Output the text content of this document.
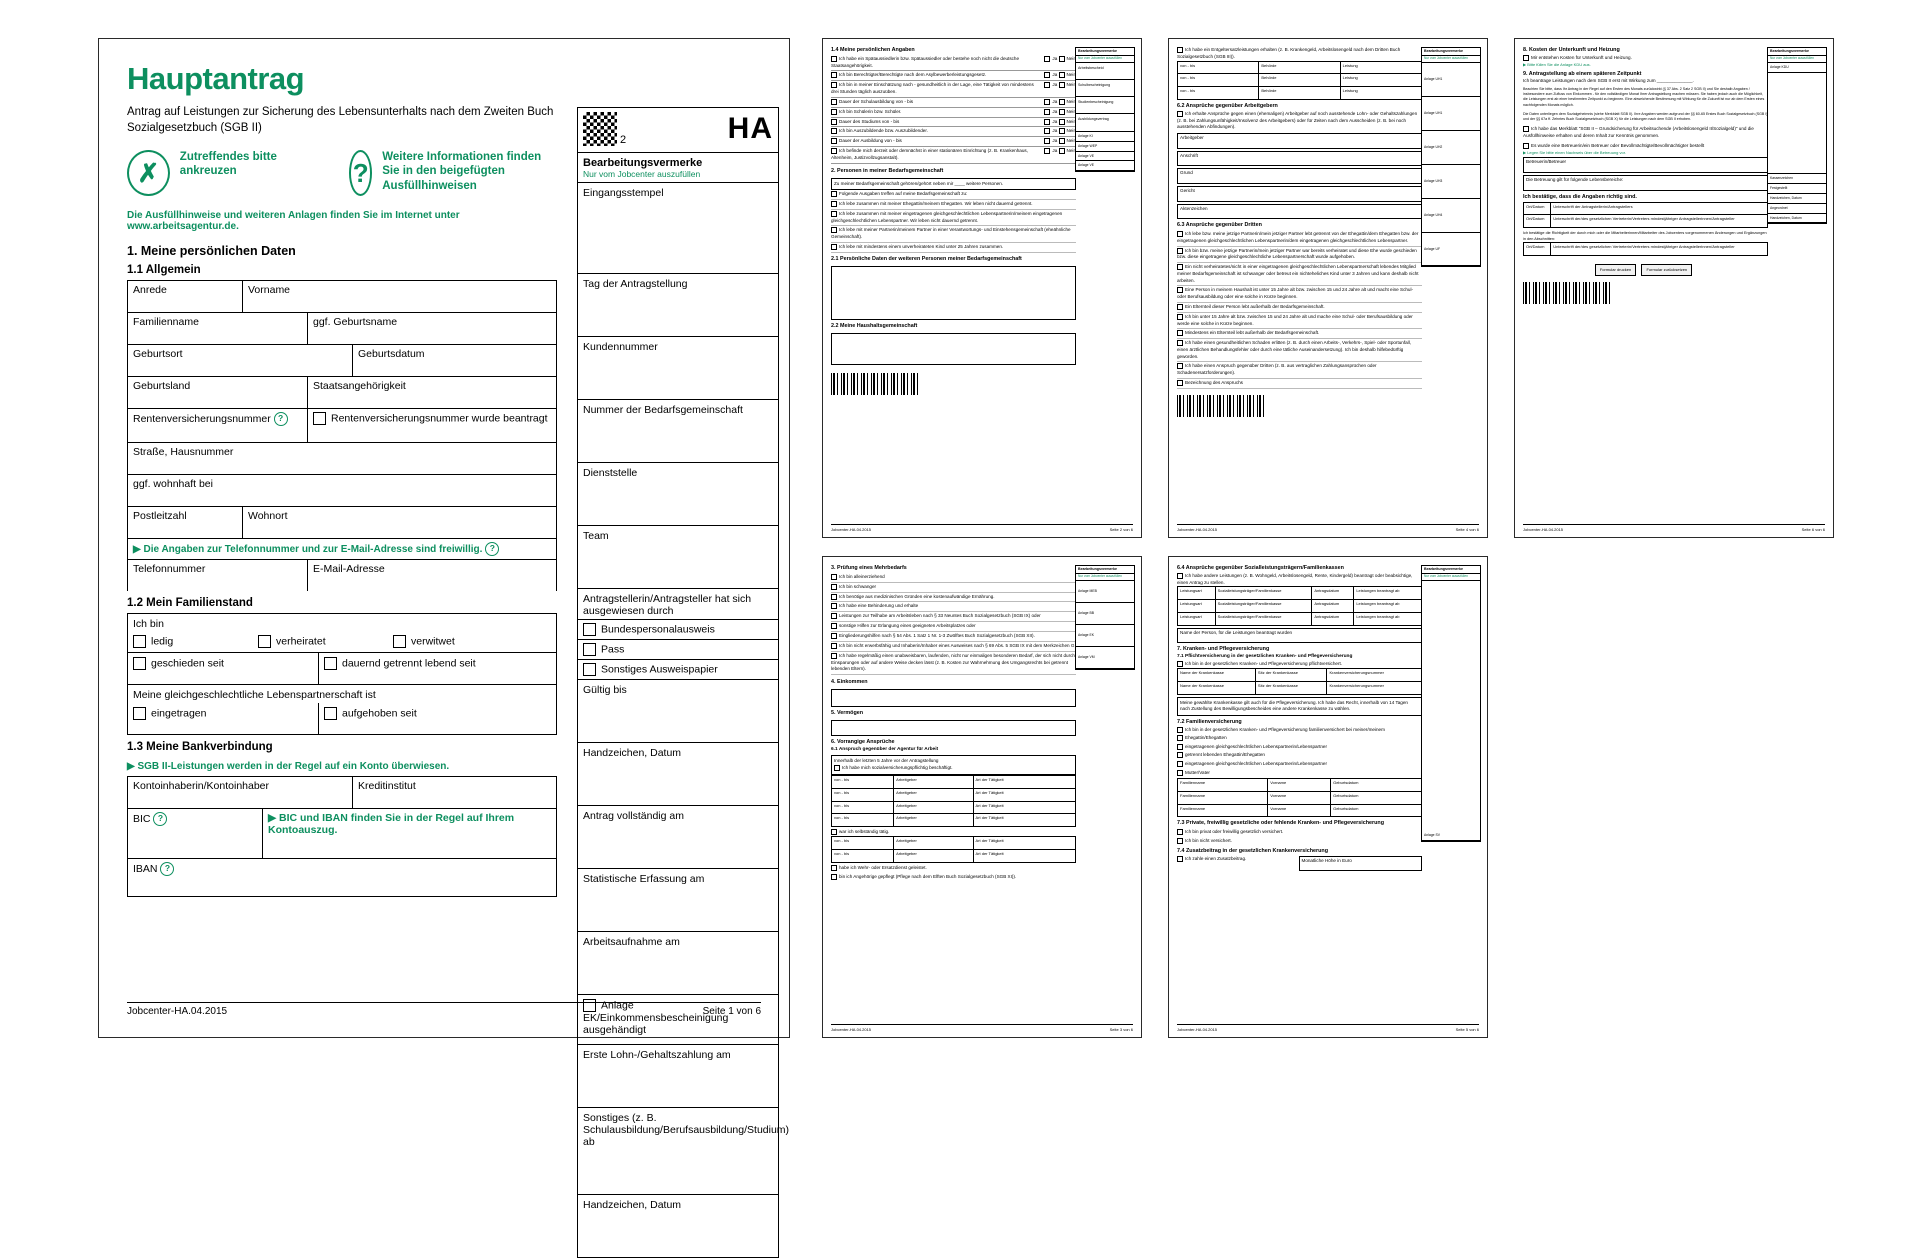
Hauptantrag
Antrag auf Leistungen zur Sicherung des Lebensunterhalts nach dem Zweiten Buch Sozialgesetzbuch (SGB II)
✗
Zutreffendes bitte ankreuzen	?
Weitere Informationen finden Sie in den beigefügten Ausfüllhinweisen
Die Ausfüllhinweise und weiteren Anlagen finden Sie im Internet unter www.arbeitsagentur.de.
1. Meine persönlichen Daten
1.1 Allgemein
Anrede	Vorname
Familienname	ggf. Geburtsname
Geburtsort	Geburtsdatum
Geburtsland	Staatsangehörigkeit
Rentenversicherungsnummer ?	Rentenversicherungsnummer wurde beantragt
Straße, Hausnummer
ggf. wohnhaft bei
Postleitzahl	Wohnort
▶ Die Angaben zur Telefonnummer und zur E-Mail-Adresse sind freiwillig. ?
Telefonnummer	E-Mail-Adresse
1.2 Mein Familienstand
Ich bin
ledig	verheiratet	verwitwet
geschieden seit	dauernd getrennt lebend seit
Meine gleichgeschlechtliche Lebenspartnerschaft ist
eingetragen	aufgehoben seit
1.3 Meine Bankverbindung
▶ SGB II-Leistungen werden in der Regel auf ein Konto überwiesen.
Kontoinhaberin/Kontoinhaber	Kreditinstitut
BIC ?	▶ BIC und IBAN finden Sie in der Regel auf Ihrem Kontoauszug.
IBAN ?
2	HA
Bearbeitungsvermerke
Nur vom Jobcenter auszufüllen
Eingangsstempel
Tag der Antragstellung
Kundennummer
Nummer der Bedarfsgemeinschaft
Dienststelle
Team
Antragstellerin/Antragsteller hat sich ausgewiesen durch
Bundespersonalausweis
Pass
Sonstiges Ausweispapier
Gültig bis
Handzeichen, Datum
Antrag vollständig am
Statistische Erfassung am
Arbeitsaufnahme am
Anlage EK/Einkommensbescheinigung ausgehändigt
Erste Lohn-/Gehaltszahlung am
Sonstiges (z. B. Schulausbildung/Berufsausbildung/Studium) ab
Handzeichen, Datum
Jobcenter-HA.04.2015	Seite 1 von 6
1.4 Meine persönlichen Angaben
Ich habe ein Spätaussiedlerin bzw. Spätaussiedler oder bestehe noch nicht die deutsche Staatsangehörigkeit.
Ja Nein
Ich bin Berechtigter/Berechtigte nach dem Asylbewerberleistungsgesetz.	Ja Nein
Ich bin in meiner Einschätzung nach - gesundheitlich in der Lage, eine Tätigkeit von mindestens drei Stunden täglich auszuüben.
Ja Nein
Dauer der Schulausbildung von - bis	Ja Nein
Ich bin Schülerin bzw. Schüler.	Ja Nein
Dauer des Studiums von - bis	Ja Nein
Ich bin Auszubildende bzw. Auszubildender.	Ja Nein
Dauer der Ausbildung von - bis	Ja Nein
Ich befinde mich derzeit oder demnächst in einer stationären Einrichtung (z. B. Krankenhaus, Altenheim, Justizvollzugsanstalt).
Ja Nein
2. Personen in meiner Bedarfsgemeinschaft
Zu meiner Bedarfsgemeinschaft gehören/gehört neben mir ____ weitere Personen.
Folgende Ausgaben treffen auf meine Bedarfsgemeinschaft zu:
Ich lebe zusammen mit meiner Ehegattin/meinem Ehegatten. Wir leben nicht dauernd getrennt.
Ich lebe zusammen mit meiner eingetragenen gleichgeschlechtlichen Lebenspartnerin/meinem eingetragenen gleichgeschlechtlichen Lebenspartner. Wir leben nicht dauernd getrennt.
Ich lebe mit meiner Partnerin/meinem Partner in einer Verantwortungs- und Einstehensgemeinschaft (eheähnliche Gemeinschaft).
Ich lebe mit mindestens einem unverheirateten Kind unter 25 Jahren zusammen.
2.1 Persönliche Daten der weiteren Personen meiner Bedarfsgemeinschaft
2.2 Meine Haushaltsgemeinschaft
Bearbeitungsvermerke
Nur vom Jobcenter auszufüllen
Arbeitsbescheid
Schulbescheinigung
Studienbescheinigung
Ausbildungsvertrag
Anlage KI
Anlage WEP
Anlage VE
Anlage VE
Jobcenter-HA.04.2015	Seite 2 von 6
3. Prüfung eines Mehrbedarfs
Ich bin alleinerziehend
Ich bin schwanger
Ich benötige aus medizinischen Gründen eine kostenaufwändige Ernährung.
Ich habe eine Behinderung und erhalte
Leistungen zur Teilhabe am Arbeitsleben nach § 33 Neuntes Buch Sozialgesetzbuch (SGB IX) oder
sonstige Hilfen zur Erlangung eines geeigneten Arbeitsplatzes oder
Eingliederungshilfen nach § 54 Abs. 1 Satz 1 Nr. 1-3 Zwölftes Buch Sozialgesetzbuch (SGB XII).
Ich bin nicht erwerbsfähig und Inhaberin/Inhaber eines Ausweises nach § 69 Abs. 5 SGB IX mit dem Merkzeichen G
Ich habe regelmäßig einen unabweisbaren, laufenden, nicht nur einmaligen besonderen Bedarf, der sich nicht durch Einsparungen oder auf andere Weise decken lässt (z. B. Kosten zur Wahrnehmung des Umgangsrechts bei getrennt lebenden Eltern).
4. Einkommen
5. Vermögen
6. Vorrangige Ansprüche
6.1 Anspruch gegenüber der Agentur für Arbeit
Innerhalb der letzten 5 Jahre vor der Antragstellung
Ich habe mich sozialversicherungspflichtig beschäftigt.
von - bis	Arbeitgeber	Art der Tätigkeit
von - bis	Arbeitgeber	Art der Tätigkeit
von - bis	Arbeitgeber	Art der Tätigkeit
von - bis	Arbeitgeber	Art der Tätigkeit
war ich selbständig tätig.
von - bis	Arbeitgeber	Art der Tätigkeit
von - bis	Arbeitgeber	Art der Tätigkeit
habe ich Wehr- oder Ersatzdienst geleistet.
bin ich Angehörige gepflegt (Pflege nach dem Elften Buch Sozialgesetzbuch (SGB XI)).
Bearbeitungsvermerke
Nur vom Jobcenter auszufüllen
Anlage MEB
Anlage BB
Anlage EK
Anlage VM
Jobcenter-HA.04.2015	Seite 3 von 6
Ich habe ein Entgeltersatzleistungen erhalten (z. B. Krankengeld, Arbeitslosengeld nach dem Dritten Buch Sozialgesetzbuch (SGB III)).
von - bis	Behörde	Leistung
von - bis	Behörde	Leistung
von - bis	Behörde	Leistung
6.2 Ansprüche gegenüber Arbeitgebern
Ich erhalte Ansprüche gegen einen (ehemaligen) Arbeitgeber auf noch ausstehende Lohn- oder Gehaltszahlungen (z. B. bei Zahlungsunfähigkeit/Insolvenz des Arbeitgebers) oder für Zeiten nach dem Ausscheiden (z. B. bei noch ausstehenden Abfindungen).
Arbeitgeber
Anschrift
Grund
Gericht
Aktenzeichen
6.3 Ansprüche gegenüber Dritten
Ich lebe bzw. meine jetzige Partnerin/mein jetziger Partner lebt getrennt von der Ehegattin/dem Ehegatten bzw. der eingetragenen gleichgeschlechtlichen Lebenspartnerin/dem eingetragenen gleichgeschlechtlichen Lebenspartner.
Ich bin bzw. meine jetzige Partnerin/mein jetziger Partner war bereits verheiratet und diese Ehe wurde geschieden bzw. diese eingetragene gleichgeschlechtliche Lebenspartnerschaft wurde aufgehoben.
Ein nicht verheiratetes/nicht in einer eingetragenen gleichgeschlechtlichen Lebenspartnerschaft lebendes Mitglied meiner Bedarfsgemeinschaft ist schwanger oder betreut ein nichteheliches Kind unter 3 Jahren und kann deshalb nicht arbeiten.
Eine Person in meinem Haushalt ist unter 15 Jahre alt bzw. zwischen 15 und 24 Jahre alt und macht eine Schul- oder Berufsausbildung oder eine solche in Kürze beginnen.
Ein Elternteil dieser Person lebt außerhalb der Bedarfsgemeinschaft.
Ich bin unter 15 Jahre alt bzw. zwischen 15 und 24 Jahre alt und mache eine Schul- oder Berufsausbildung oder werde eine solche in Kürze beginnen.
Mindestens ein Elternteil lebt außerhalb der Bedarfsgemeinschaft.
Ich habe einen gesundheitlichen Schaden erlitten (z. B. durch einen Arbeits-, Verkehrs-, Spiel- oder Sportunfall, einen ärztlichen Behandlungsfehler oder durch eine tätliche Auseinandersetzung). Ich bin deshalb hilfebedürftig geworden.
Ich habe einen Anspruch gegenüber Dritten (z. B. aus vertraglichen Zahlungsansprüchen oder Schadenersatzforderungen).
Bezeichnung des Anspruchs
Bearbeitungsvermerke
Nur vom Jobcenter auszufüllen
Anlage UH1
Anlage UH1
Anlage UH2
Anlage UH3
Anlage UH4
Anlage UF
Jobcenter-HA.04.2015	Seite 4 von 6
6.4 Ansprüche gegenüber Sozialleistungsträgern/Familienkassen
Ich habe andere Leistungen (z. B. Wohngeld, Arbeitslosengeld, Rente, Kindergeld) beantragt oder beabsichtige, einen Antrag zu stellen.
Leistungsart	Sozialleistungsträger/Familienkasse	Antragsdatum	Leistungen beantragt ab
Leistungsart	Sozialleistungsträger/Familienkasse	Antragsdatum	Leistungen beantragt ab
Leistungsart	Sozialleistungsträger/Familienkasse	Antragsdatum	Leistungen beantragt ab
Name der Person, für die Leistungen beantragt wurden
7. Kranken- und Pflegeversicherung
7.1 Pflichtversicherung in der gesetzlichen Kranken- und Pflegeversicherung
Ich bin in der gesetzlichen Kranken- und Pflegeversicherung pflichtversichert.
Name der Krankenkasse	Sitz der Krankenkasse	Krankenversicherungsnummer
Name der Krankenkasse	Sitz der Krankenkasse	Krankenversicherungsnummer
Meine gewählte Krankenkasse gilt auch für die Pflegeversicherung. Ich habe das Recht, innerhalb von 14 Tagen nach Zustellung des Bewilligungsbescheides eine andere Krankenkasse zu wählen.
7.2 Familienversicherung
Ich bin in der gesetzlichen Kranken- und Pflegeversicherung familienversichert bei meiner/meinem
Ehegattin/Ehegatten
eingetragenen gleichgeschlechtlichen Lebenspartnerin/Lebenspartner
getrennt lebenden Ehegattin/Ehegatten
eingetragenen gleichgeschlechtlichen Lebenspartnerin/Lebenspartner
Mutter/Vater
Familienname	Vorname	Geburtsdatum
Familienname	Vorname	Geburtsdatum
Familienname	Vorname	Geburtsdatum
7.3 Private, freiwillig gesetzliche oder fehlende Kranken- und Pflegeversicherung
Ich bin privat oder freiwillig gesetzlich versichert.
Ich bin nicht versichert.
7.4 Zusatzbeitrag in der gesetzlichen Krankenversicherung
Ich zahle einen Zusatzbeitrag.	Monatliche Höhe in Euro
Bearbeitungsvermerke
Nur vom Jobcenter auszufüllen
Anlage SV
Jobcenter-HA.04.2015	Seite 5 von 6
8. Kosten der Unterkunft und Heizung
Mir entstehen Kosten für Unterkunft und Heizung.
▶ Bitte füllen Sie die Anlage KDU aus.
9. Antragstellung ab einem späteren Zeitpunkt
Ich beantrage Leistungen nach dem SGB II erst mit Wirkung zum ______________.
Beachten Sie bitte, dass Ihr Antrag in der Regel auf den Ersten des Monats zurückwirkt (§ 37 Abs. 2 Satz 2 SGB II) und Sie deshalb Angaben / insbesondere zum Zufluss von Einkommen - für den vollständigen Monat Ihrer Antragstellung machen müssen. Sie haben jedoch auch die Möglichkeit, die Leistungen erst ab einer bestimmten Zeitpunkt zu beginnen. Eine abweichende Bestimmung mit Wirkung für die Zukunft ist nur ab dem Ersten eines nachfolgenden Monats möglich.
Die Daten unterliegen dem Sozialgeheimnis (siehe Merkblatt SGB II). Ihre Angaben werden aufgrund der §§ 60-65 Erstes Buch Sozialgesetzbuch (SGB I) und der §§ 67a ff. Zehntes Buch Sozialgesetzbuch (SGB X) für die Leistungen nach dem SGB II erhoben.
Ich habe das Merkblatt "SGB II – Grundsicherung für Arbeitsuchende (Arbeitslosengeld II/Sozialgeld)" und die Ausfüllhinweise erhalten und deren Inhalt zur Kenntnis genommen.
Es wurde eine Betreuerin/ein Betreuer oder Bevollmächtigte/Bevollmächtigter bestellt
▶ Legen Sie bitte einen Nachweis über die Betreuung vor.
Betreuerin/Betreuer
Die Betreuung gilt für folgende Lebensbereiche:
Ich bestätige, dass die Angaben richtig sind.
Ort/Datum	Unterschrift der Antragstellerin/Antragstellers
Ort/Datum	Unterschrift der/des gesetzlichen Vertreterin/Vertreters mindestjähriger Antragstellerinnen/Antragsteller
Ich bestätige die Richtigkeit der durch mich oder die Mitarbeiterinnen/Mitarbeiter des Jobcenters vorgenommenen Änderungen und Ergänzungen in den Abschnitten:
Ort/Datum	Unterschrift der/des gesetzlichen Vertreterin/Vertreters mindestjähriger Antragstellerinnen/Antragsteller
Formular drucken	Formular zurücksetzen
Bearbeitungsvermerke
Nur vom Jobcenter auszufüllen
Anlage KDU
Kassenzeichen
Festgestellt
Handzeichen, Datum
Angeordnet
Handzeichen, Datum
Jobcenter-HA.04.2015	Seite 6 von 6
